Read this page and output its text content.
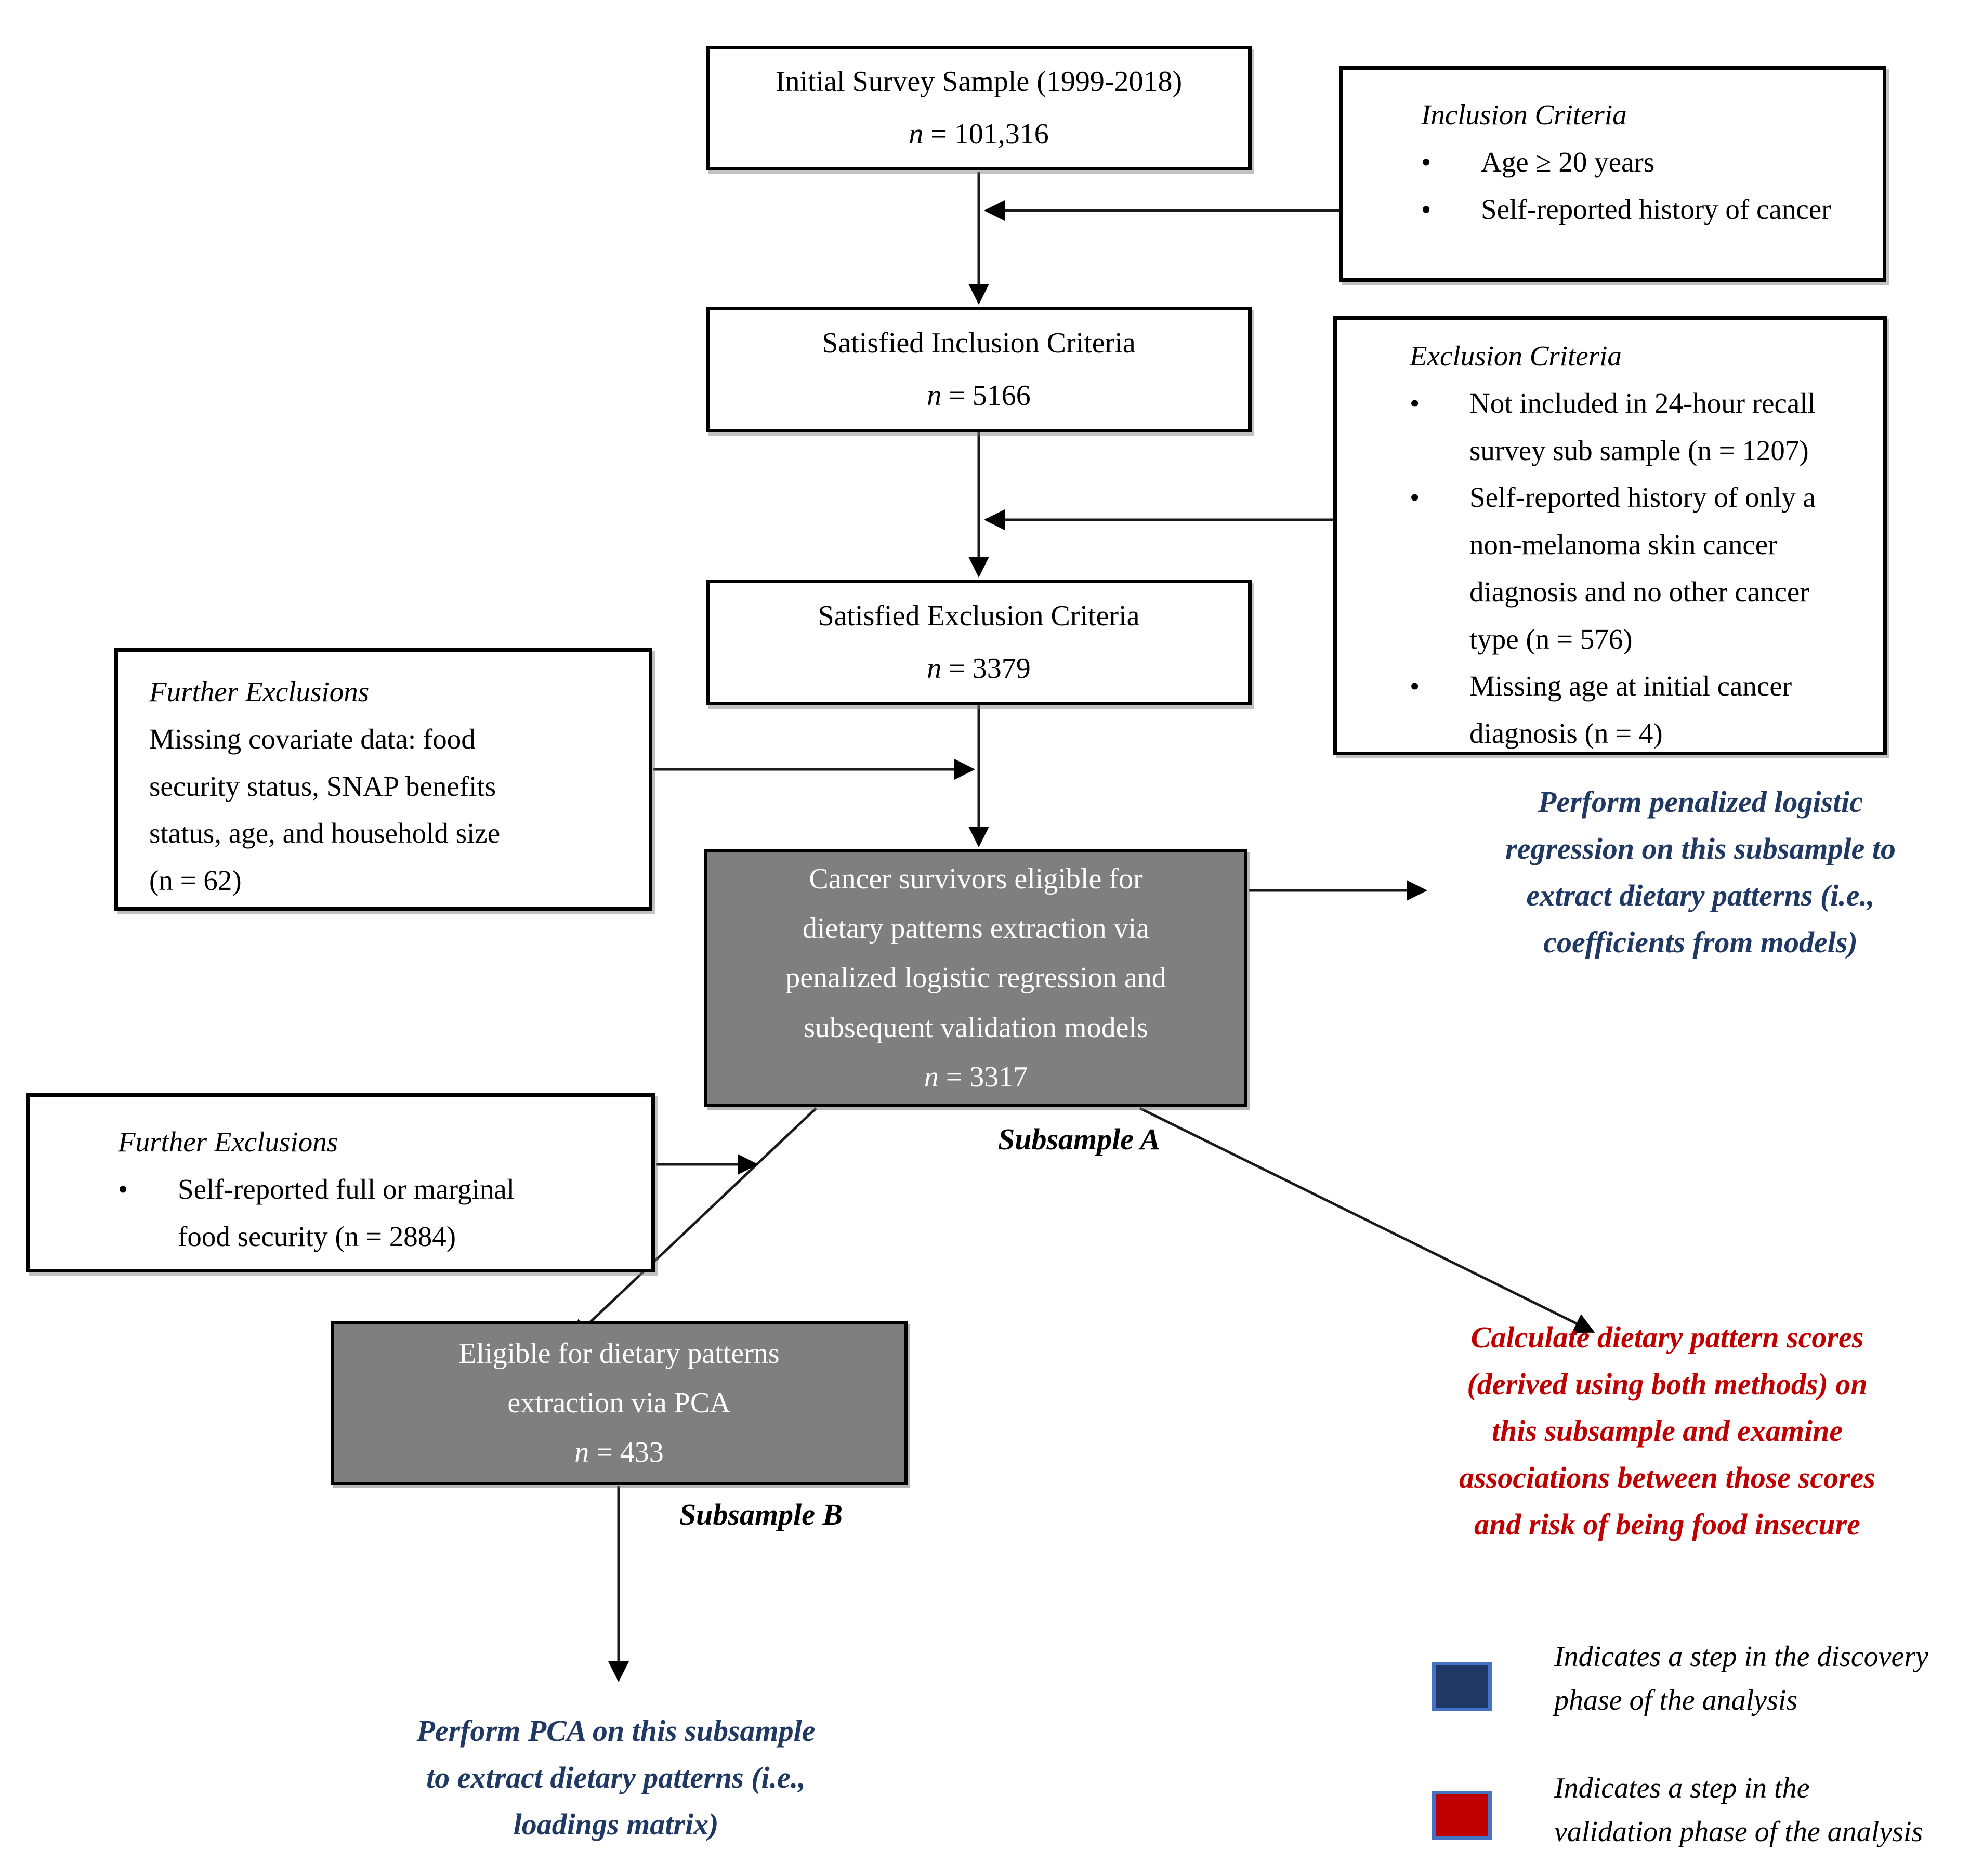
Initial Survey Sample (1999-2018)
n = 101,316
Inclusion Criteria
•	Age ≥ 20 years
•	Self-reported history of cancer
Satisfied Inclusion Criteria
n = 5166
Exclusion Criteria
•	Not included in 24-hour recall survey sub sample (n = 1207)
•	Self-reported history of only a non-melanoma skin cancer diagnosis and no other cancer type (n = 576)
•	Missing age at initial cancer diagnosis (n = 4)
Satisfied Exclusion Criteria
n = 3379
Further Exclusions
Missing covariate data: food
security status, SNAP benefits
status, age, and household size
(n = 62)	Cancer survivors eligible for
dietary patterns extraction via
penalized logistic regression and
subsequent validation models
n = 3317
Subsample A
Perform penalized logistic
regression on this subsample to
extract dietary patterns (i.e.,
coefficients from models)
Further Exclusions
•	Self-reported full or marginal food security (n = 2884)
Eligible for dietary patterns
extraction via PCA
n = 433
Subsample B
Calculate dietary pattern scores
(derived using both methods) on
this subsample and examine
associations between those scores
and risk of being food insecure
Perform PCA on this subsample
to extract dietary patterns (i.e.,
loadings matrix)
Indicates a step in the discovery
phase of the analysis
Indicates a step in the
validation phase of the analysis
